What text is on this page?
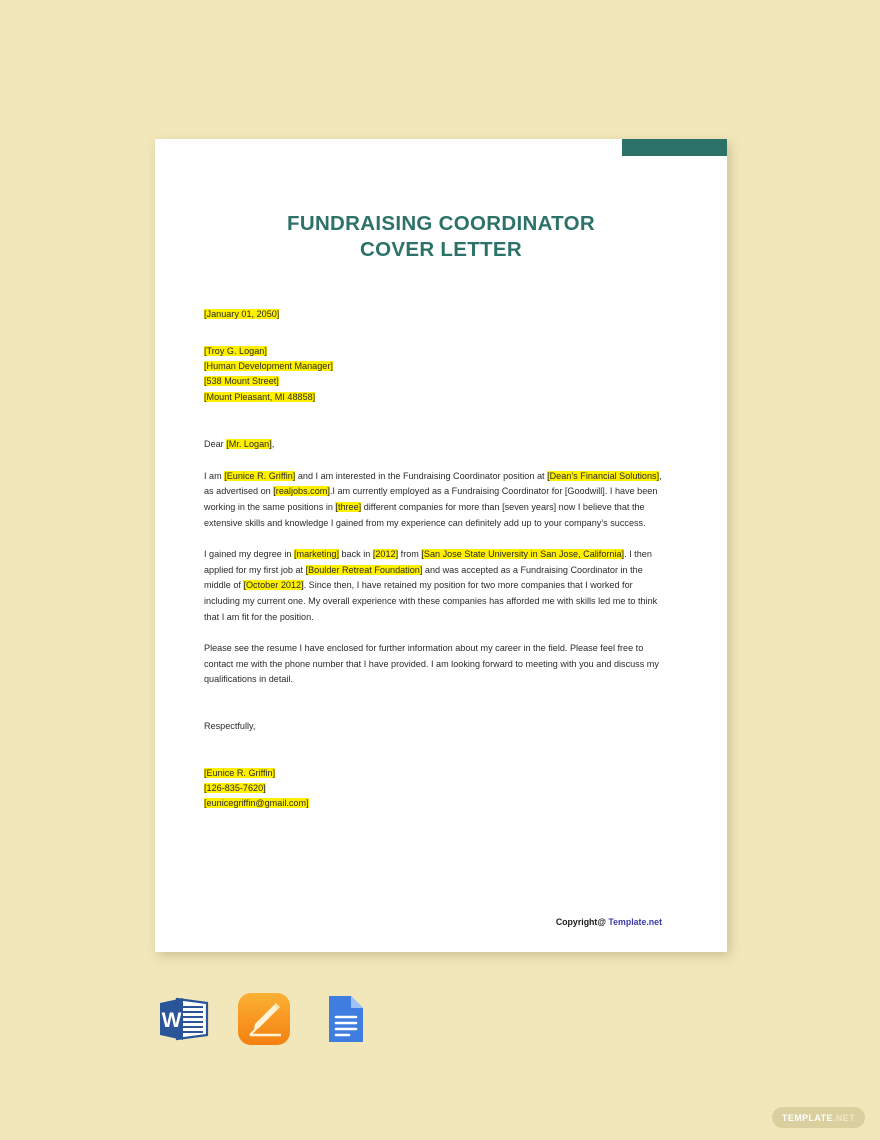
FUNDRAISING COORDINATOR
COVER LETTER
[January 01, 2050]
[Troy G. Logan]
[Human Development Manager]
[538 Mount Street]
[Mount Pleasant, MI 48858]
Dear [Mr. Logan],

I am [Eunice R. Griffin] and I am interested in the Fundraising Coordinator position at [Dean’s Financial Solutions], as advertised on [realjobs.com].I am currently employed as a Fundraising Coordinator for [Goodwill]. I have been working in the same positions in [three] different companies for more than [seven years] now I believe that the extensive skills and knowledge I gained from my experience can definitely add up to your company’s success.

I gained my degree in [marketing] back in [2012] from [San Jose State University in San Jose, California]. I then applied for my first job at [Boulder Retreat Foundation] and was accepted as a Fundraising Coordinator in the middle of [October 2012]. Since then, I have retained my position for two more companies that I worked for including my current one. My overall experience with these companies has afforded me with skills led me to think that I am fit for the position.

Please see the resume I have enclosed for further information about my career in the field. Please feel free to contact me with the phone number that I have provided. I am looking forward to meeting with you and discuss my qualifications in detail.

Respectfully,
[Eunice R. Griffin]
[126-835-7620]
[eunicegriffin@gmail.com]
Copyright@ Template.net
W
TEMPLATE .NET
